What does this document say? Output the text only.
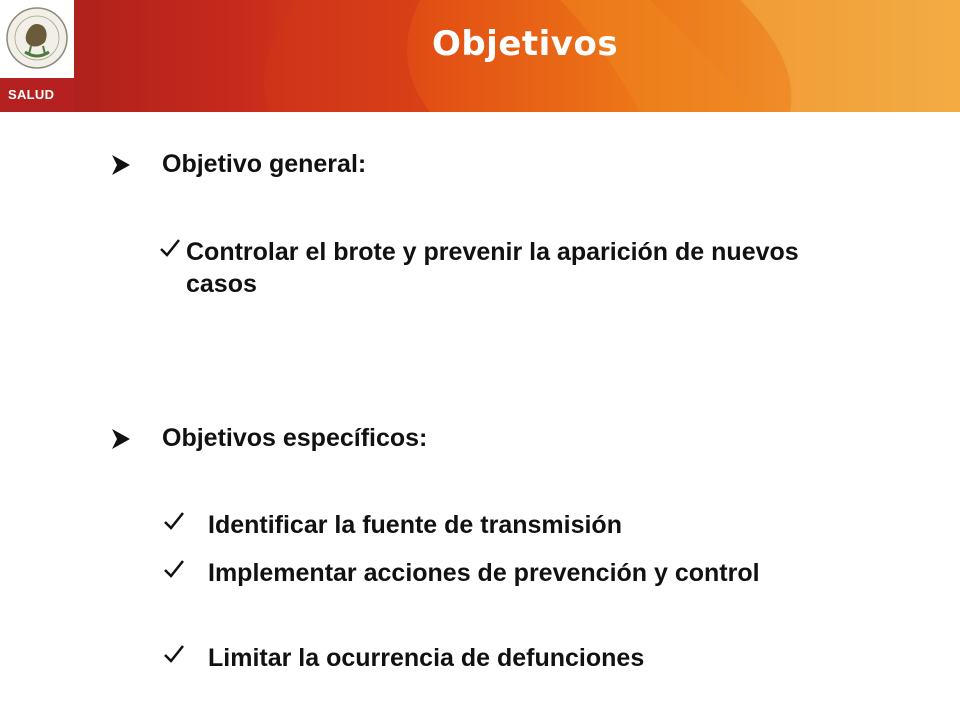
SALUD
Objetivos
Objetivo general:
Controlar el brote y prevenir la aparición de nuevos casos
Objetivos específicos:
Identificar la fuente de transmisión
Implementar acciones de prevención y control
Limitar la ocurrencia de defunciones
